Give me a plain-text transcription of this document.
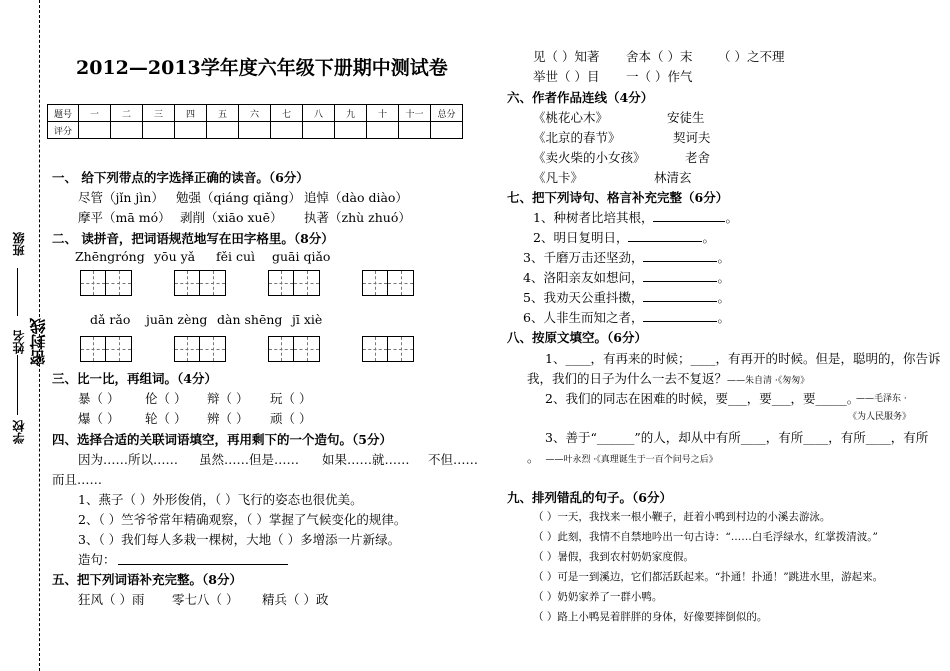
班级
姓名 密封线
学校
2012—2013学年度六年级下册期中测试卷
题号	一	二	三	四	五	六	七	八	九	十	十一	总分
评分												
一、 给下列带点的字选择正确的读音。（6分）
尽管（jǐn jìn） 勉强（qiáng qiǎng） 追悼（dào diào）
摩平（mā mó） 剥削（xiāo xuē） 执著（zhù zhuó）
二、 读拼音，把词语规范地写在田字格里。（8分）
Zhēngróng yōu yǎ fěi cuì guāi qiǎo
dǎ rǎo juān zèng dàn shēng jī xiè
三、比一比，再组词。（4分）
暴（ ） 伦（ ） 辩（ ） 玩（ ）
爆（ ） 轮（ ） 辨（ ） 顽（ ）
四、选择合适的关联词语填空，再用剩下的一个造句。（5分）
因为……所以…… 虽然……但是…… 如果……就…… 不但……
而且……
1、燕子（ ）外形俊俏，（ ）飞行的姿态也很优美。
2、（ ）竺爷爷常年精确观察，（ ）掌握了气候变化的规律。
3、（ ）我们每人多栽一棵树，大地（ ）多增添一片新绿。
造句：
五、把下列词语补充完整。（8分）
狂风（ ）雨 零七八（ ） 精兵（ ）政
见（ ）知著 舍本（ ）末 （ ）之不理
举世（ ）目 一（ ）作气
六、作者作品连线（4分）
《桃花心木》
《北京的春节》
《卖火柴的小女孩》
《凡卡》
安徒生
契诃夫
老舍
林清玄
七、把下列诗句、格言补充完整（6分）
1、种树者比培其根，	。
2、明日复明日，	。
3、千磨万击还坚劲，	。
4、洛阳亲友如想问，	。
5、我劝天公重抖擞，	。
6、人非生而知之者，	。
八、按原文填空。（6分）
1、____，有再来的时候；____，有再开的时候。但是，聪明的，你告诉
我，我们的日子为什么一去不复返？——朱自清 ·《匆匆》
2、我们的同志在困难的时候，要___，要___，要_____。
——毛泽东 ·
《为人民服务》
3、善于“______”的人，却从中有所____，有所____，有所____，有所
。 ——叶永烈 ·《真理诞生于一百个问号之后》
九、排列错乱的句子。（6分）
（ ）一天，我找来一根小鞭子，赶着小鸭到村边的小溪去游泳。
（ ）此刻，我情不自禁地吟出一句古诗：“……白毛浮绿水，红掌拨清波。”
（ ）暑假，我到农村奶奶家度假。
（ ）可是一到溪边，它们都活跃起来。“扑通！扑通！”跳进水里，游起来。
（ ）奶奶家养了一群小鸭。
（ ）路上小鸭晃着胖胖的身体，好像要摔倒似的。
